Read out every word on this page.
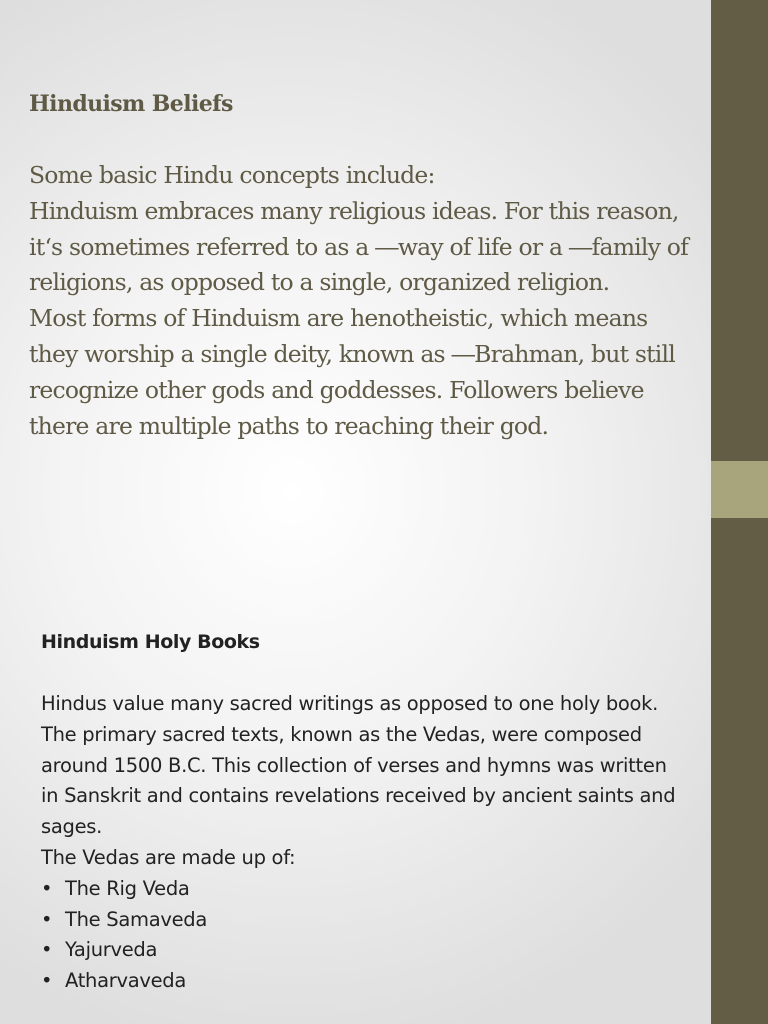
Hinduism Beliefs

Some basic Hindu concepts include:

Hinduism embraces many religious ideas. For this reason, it‘s sometimes referred to as a ―way of life or a ―family of religions, as opposed to a single, organized religion.

Most forms of Hinduism are henotheistic, which means they worship a single deity, known as ―Brahman, but still recognize other gods and goddesses. Followers believe there are multiple paths to reaching their god.

Hinduism Holy Books

Hindus value many sacred writings as opposed to one holy book.

The primary sacred texts, known as the Vedas, were composed around 1500 B.C. This collection of verses and hymns was written in Sanskrit and contains revelations received by ancient saints and sages.

The Vedas are made up of:

• The Rig Veda
• The Samaveda
• Yajurveda
• Atharvaveda
